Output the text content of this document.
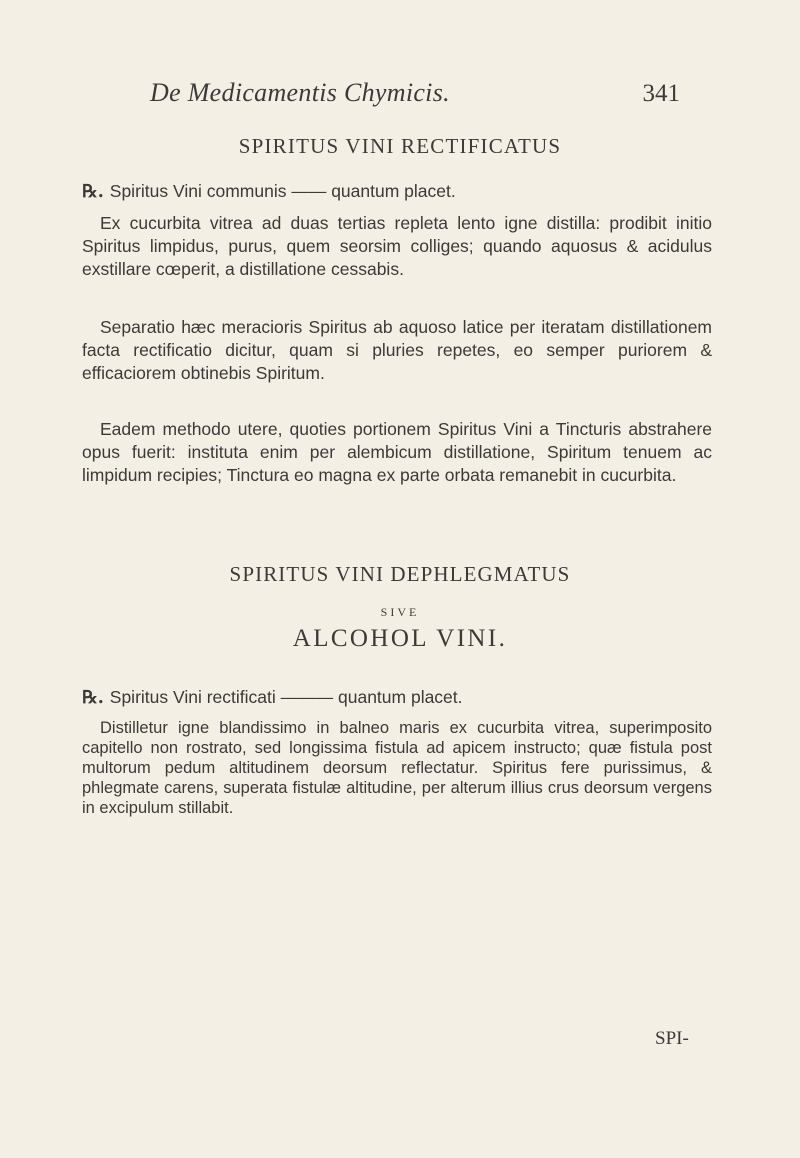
De Medicamentis Chymicis.	341
SPIRITUS VINI RECTIFICATUS
℞. Spiritus Vini communis —— quantum placet.
Ex cucurbita vitrea ad duas tertias repleta lento igne distilla: prodibit initio Spiritus limpidus, purus, quem seorsim colliges; quando aquosus & acidulus exstillare cœperit, a distillatione cessabis.
Separatio hæc meracioris Spiritus ab aquoso latice per iteratam distillationem facta rectificatio dicitur, quam si pluries repetes, eo semper puriorem & efficaciorem obtinebis Spiritum.
Eadem methodo utere, quoties portionem Spiritus Vini a Tincturis abstrahere opus fuerit: instituta enim per alembicum distillatione, Spiritum tenuem ac limpidum recipies; Tinctura eo magna ex parte orbata remanebit in cucurbita.
SPIRITUS VINI DEPHLEGMATUS
SIVE
ALCOHOL VINI.
℞. Spiritus Vini rectificati ——— quantum placet.
Distilletur igne blandissimo in balneo maris ex cucurbita vitrea, superimposito capitello non rostrato, sed longissima fistula ad apicem instructo; quæ fistula post multorum pedum altitudinem deorsum reflectatur. Spiritus fere purissimus, & phlegmate carens, superata fistulæ altitudine, per alterum illius crus deorsum vergens in excipulum stillabit.
SPI-
